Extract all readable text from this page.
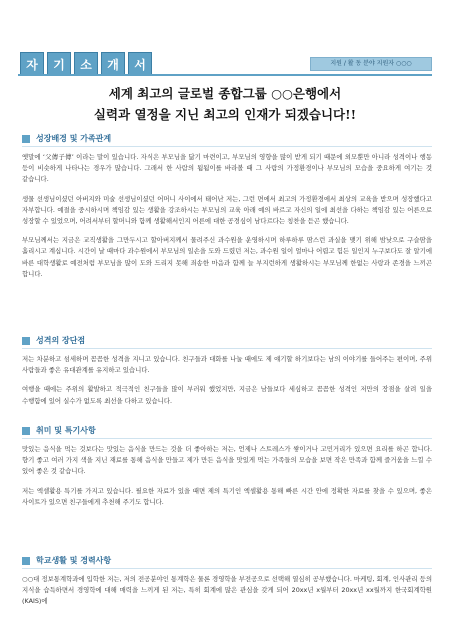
자	기	소	개	서	지원 / 활 동 분야 지원자 ○○○
세계 최고의 글로벌 종합그룹 ○○은행에서
실력과 열정을 지닌 최고의 인재가 되겠습니다!!
성장배경 및 가족관계

옛말에 ‘父傳子傳’ 이라는 말이 있습니다. 자식은 부모님을 닮기 마련이고, 부모님의 영향을 많이 받게 되기 때문에 외모뿐만 아니라 성격이나 행동 등이 비슷하게 나타나는 경우가 많습니다. 그래서 한 사람의 됨됨이를 바라볼 때 그 사람의 가정환경이나 부모님의 모습을 중요하게 여기는 것 같습니다.

생물 선생님이셨던 아버지와 미술 선생님이셨던 어머니 사이에서 태어난 저는, 그런 면에서 최고의 가정환경에서 최상의 교육을 받으며 성장했다고 자부합니다. 예절을 중시하시며 책임감 있는 생활을 강조하시는 부모님의 교육 아래 예의 바르고 자신의 일에 최선을 다하는 책임감 있는 어른으로 성장할 수 있었으며, 어려서부터 할머니와 함께 생활해서인지 어른에 대한 공경심이 남다르다는 칭찬을 듣곤 했습니다.

부모님께서는 지금은 교직생활을 그만두시고 할아버지께서 물려주신 과수원을 운영하시며 하루하루 땀스런 과실을 맺기 위해 밤낮으로 구슬땀을 흘리시고 계십니다. 시간이 날 때마다 과수원에서 부모님의 일손을 도와 드렸던 저는, 과수원 일이 얼마나 어렵고 힘든 일인지 누구보다도 잘 알기에 바른 대학생활로 예전처럼 부모님을 많이 도와 드리지 못해 죄송한 마음과 함께 늘 부지런하게 생활하시는 부모님께 한없는 사랑과 존경을 느끼곤 합니다.

성격의 장단점

저는 차분하고 섬세하며 꼼꼼한 성격을 지니고 있습니다. 친구들과 대화를 나눌 때에도 제 얘기할 하기보다는 남의 이야기를 들어주는 편이며, 주위 사람들과 좋은 유대관계를 유지하고 있습니다.

여행을 때에는 주위의 활발하고 적극적인 친구들을 많이 부러워 했었지만, 지금은 남들보다 세심하고 꼼꼼한 성격인 저만의 장점을 살려 일을 수행함에 있어 실수가 없도록 최선을 다하고 있습니다.

취미 및 특기사항

맛있는 음식을 먹는 것보다는 맛있는 음식을 만드는 것을 더 좋아하는 저는, 언제나 스트레스가 쌓이거나 고민거리가 있으면 요리를 하곤 합니다. 향기 좋고 여러 가지 색을 지닌 재료를 통해 음식을 만들고 제가 만든 음식을 맛있게 먹는 가족들의 모습을 보면 작은 만족과 함께 즐거움을 느낄 수 있어 좋은 것 같습니다.

저는 엑셀활용 특기를 가지고 있습니다. 필요한 자료가 있을 때면 제의 특기인 엑셀활용 통해 빠른 시간 안에 정확한 자료를 찾을 수 있으며, 좋은 사이트가 있으면 친구들에게 추천해 주기도 합니다.

학교생활 및 경력사항

○○대 정보통계학과에 입학한 저는, 저의 전공분야인 통계학은 물론 경영학을 부전공으로 선택해 열심히 공부했습니다. 마케팅, 회계, 인사관리 등의 지식을 습득하면서 경영학에 대해 매력을 느끼게 된 저는, 특히 회계에 많은 관심을 갖게 되어 20xx년 x월부터 20xx년 xx월까지 한국회계학원(KAIS)에
